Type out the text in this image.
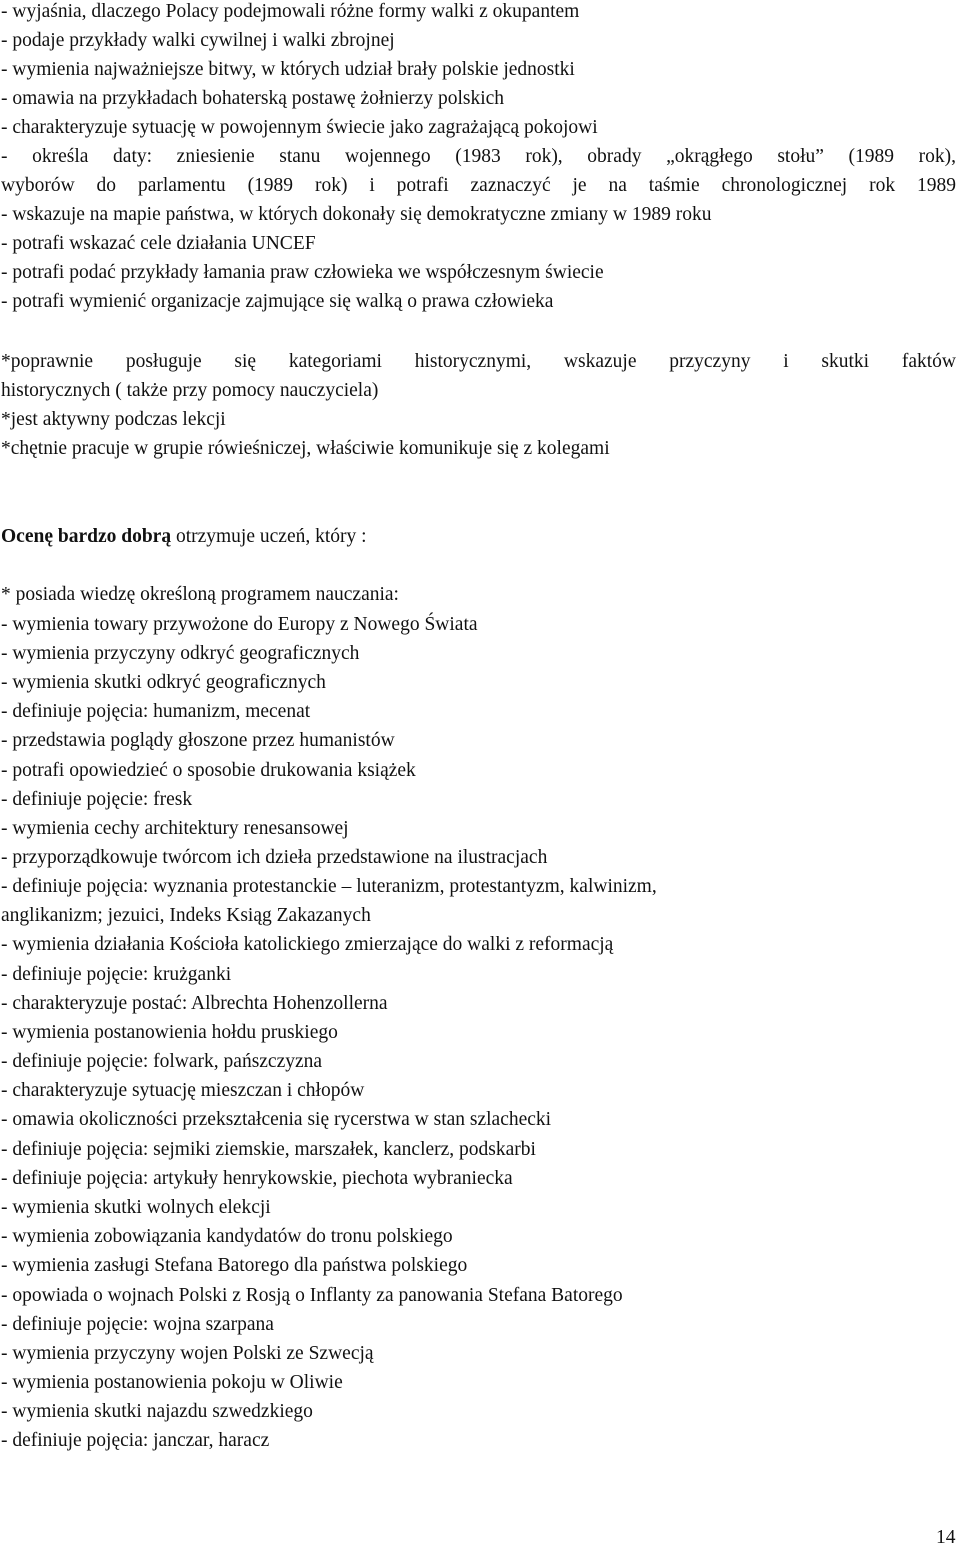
- wyjaśnia, dlaczego Polacy podejmowali różne formy walki z okupantem
- podaje przykłady walki cywilnej i walki zbrojnej
- wymienia najważniejsze bitwy, w których udział brały polskie jednostki
- omawia na przykładach bohaterską postawę żołnierzy polskich
- charakteryzuje sytuację w powojennym świecie jako zagrażającą pokojowi
- określa daty: zniesienie stanu wojennego (1983 rok), obrady „okrągłego stołu” (1989 rok),
wyborów do parlamentu (1989 rok) i potrafi zaznaczyć je na taśmie chronologicznej rok 1989
- wskazuje na mapie państwa, w których dokonały się demokratyczne zmiany w 1989 roku
- potrafi wskazać cele działania UNCEF
- potrafi podać przykłady łamania praw człowieka we współczesnym świecie
- potrafi wymienić organizacje zajmujące się walką o prawa człowieka
*poprawnie posługuje się kategoriami historycznymi, wskazuje przyczyny i skutki faktów
historycznych ( także przy pomocy nauczyciela)
*jest aktywny podczas lekcji
*chętnie pracuje w grupie rówieśniczej, właściwie komunikuje się z kolegami
Ocenę bardzo dobrą otrzymuje uczeń, który :
* posiada wiedzę określoną programem nauczania:
- wymienia towary przywożone do Europy z Nowego Świata
- wymienia przyczyny odkryć geograficznych
- wymienia skutki odkryć geograficznych
- definiuje pojęcia: humanizm, mecenat
- przedstawia poglądy głoszone przez humanistów
- potrafi opowiedzieć o sposobie drukowania książek
- definiuje pojęcie: fresk
- wymienia cechy architektury renesansowej
- przyporządkowuje twórcom ich dzieła przedstawione na ilustracjach
- definiuje pojęcia: wyznania protestanckie – luteranizm, protestantyzm, kalwinizm,
anglikanizm; jezuici, Indeks Ksiąg Zakazanych
- wymienia działania Kościoła katolickiego zmierzające do walki z reformacją
- definiuje pojęcie: krużganki
- charakteryzuje postać: Albrechta Hohenzollerna
- wymienia postanowienia hołdu pruskiego
- definiuje pojęcie: folwark, pańszczyzna
- charakteryzuje sytuację mieszczan i chłopów
- omawia okoliczności przekształcenia się rycerstwa w stan szlachecki
- definiuje pojęcia: sejmiki ziemskie, marszałek, kanclerz, podskarbi
- definiuje pojęcia: artykuły henrykowskie, piechota wybraniecka
- wymienia skutki wolnych elekcji
- wymienia zobowiązania kandydatów do tronu polskiego
- wymienia zasługi Stefana Batorego dla państwa polskiego
- opowiada o wojnach Polski z Rosją o Inflanty za panowania Stefana Batorego
- definiuje pojęcie: wojna szarpana
- wymienia przyczyny wojen Polski ze Szwecją
- wymienia postanowienia pokoju w Oliwie
- wymienia skutki najazdu szwedzkiego
- definiuje pojęcia: janczar, haracz
14
